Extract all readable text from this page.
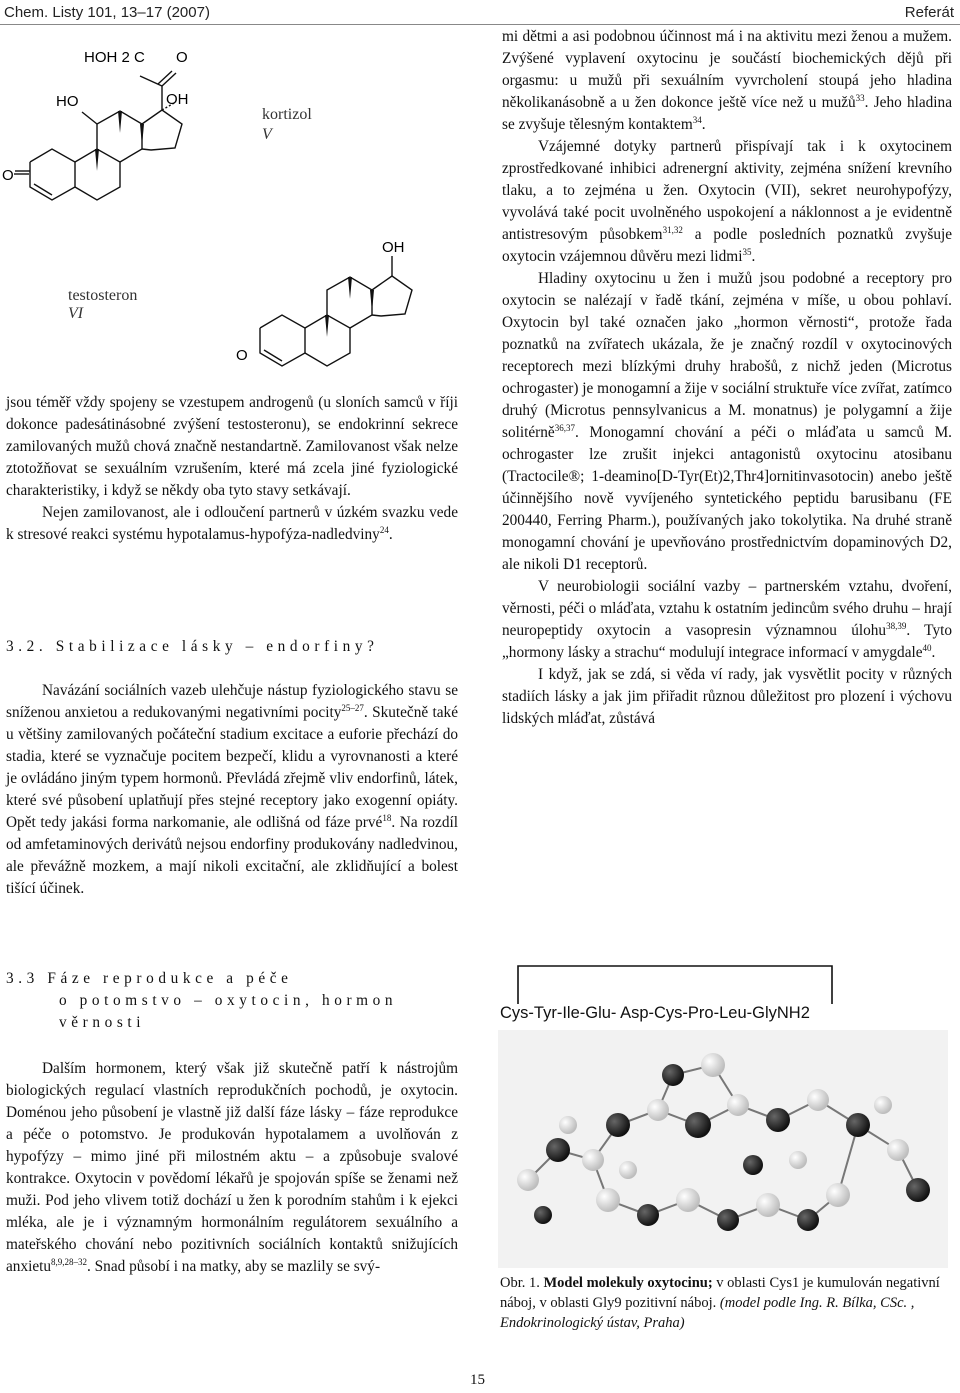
Chem. Listy 101, 13–17 (2007)	Referát
O
HO
HOH 2 C O
OH
O
OH
kortizol
V
testosteron
VI

jsou téměř vždy spojeny se vzestupem androgenů (u sloních samců v říji dokonce padesátinásobné zvýšení testosteronu), se endokrinní sekrece zamilovaných mužů chová značně nestandartně. Zamilovanost však nelze ztotožňovat se sexuálním vzrušením, které má zcela jiné fyziologické charakteristiky, i když se někdy oba tyto stavy setkávají.

Nejen zamilovanost, ale i odloučení partnerů v úzkém svazku vede k stresové reakci systému hypotalamus-hypofýza-nadledviny$^{24}$.

3.2. Stabilizace lásky – endorfiny?

Navázání sociálních vazeb ulehčuje nástup fyziologického stavu se sníženou anxietou a redukovanými negativními pocity$^{25-27}$. Skutečně také u většiny zamilovaných počáteční stadium excitace a euforie přechází do stadia, které se vyznačuje pocitem bezpečí, klidu a vyrovnanosti a které je ovládáno jiným typem hormonů. Převládá zřejmě vliv endorfinů, látek, které své působení uplatňují přes stejné receptory jako exogenní opiáty. Opět tedy jakási forma narkomanie, ale odlišná od fáze prvé$^{18}$. Na rozdíl od amfetaminových derivátů nejsou endorfiny produkovány nadledvinou, ale převážně mozkem, a mají nikoli excitační, ale zklidňující a bolest tišící účinek.

3.3 Fáze reprodukce a péče
o potomstvo – oxytocin, hormon
věrnosti

Dalším hormonem, který však již skutečně patří k nástrojům biologických regulací vlastních reprodukčních pochodů, je oxytocin. Doménou jeho působení je vlastně již další fáze lásky – fáze reprodukce a péče o potomstvo. Je produkován hypotalamem a uvolňován z hypofýzy – mimo jiné při milostném aktu – a způsobuje svalové kontrakce. Oxytocin v povědomí lékařů je spojován spíše se ženami než muži. Pod jeho vlivem totiž dochází u žen k porodním stahům i k ejekci mléka, ale je i významným hormonálním regulátorem sexuálního a mateřského chování nebo pozitivních sociálních kontaktů snižujících anxietu$^{8,9,28-32}$. Snad působí i na matky, aby se mazlily se svý-

mi dětmi a asi podobnou účinnost má i na aktivitu mezi ženou a mužem. Zvýšené vyplavení oxytocinu je součástí biochemických dějů při orgasmu: u mužů při sexuálním vyvrcholení stoupá jeho hladina několikanásobně a u žen dokonce ještě více než u mužů$^{33}$. Jeho hladina se zvyšuje tělesným kontaktem$^{34}$.

Vzájemné dotyky partnerů přispívají tak i k oxytocinem zprostředkované inhibici adrenergní aktivity, zejména snížení krevního tlaku, a to zejména u žen. Oxytocin (VII), sekret neurohypofýzy, vyvolává také pocit uvolněného uspokojení a náklonnost a je evidentně antistresovým působkem$^{31,32}$ a podle posledních poznatků zvyšuje oxytocin vzájemnou důvěru mezi lidmi$^{35}$.

Hladiny oxytocinu u žen i mužů jsou podobné a receptory pro oxytocin se nalézají v řadě tkání, zejména v míše, u obou pohlaví. Oxytocin byl také označen jako „hormon věrnosti“, protože řada poznatků na zvířatech ukázala, že je značný rozdíl v oxytocinových receptorech mezi blízkými druhy hrabošů, z nichž jeden (Microtus ochrogaster) je monogamní a žije v sociální struktuře více zvířat, zatímco druhý (Microtus pennsylvanicus a M. monatnus) je polygamní a žije solitérně$^{36,37}$. Monogamní chování a péči o mláďata u samců M. ochrogaster lze zrušit injekci antagonistů oxytocinu atosibanu (Tractocile®; 1-deamino[D-Tyr(Et)2,Thr4]ornitinvasotocin) anebo ještě účinnějšího nově vyvíjeného syntetického peptidu barusibanu (FE 200440, Ferring Pharm.), používaných jako tokolytika. Na druhé straně monogamní chování je upevňováno prostřednictvím dopaminových D2, ale nikoli D1 receptorů.

V neurobiologii sociální vazby – partnerském vztahu, dvoření, věrnosti, péči o mláďata, vztahu k ostatním jedincům svého druhu – hrají neuropeptidy oxytocin a vasopresin významnou úlohu$^{38,39}$. Tyto „hormony lásky a strachu“ modulují integrace informací v amygdale$^{40}$.

I když, jak se zdá, si věda ví rady, jak vysvětlit pocity v různých stadiích lásky a jak jim přiřadit různou důležitost pro plození i výchovu lidských mláďat, zůstává

Cys-Tyr-Ile-Glu- Asp-Cys-Pro-Leu-GlyNH2
Obr. 1. Model molekuly oxytocinu; v oblasti Cys1 je kumulován negativní náboj, v oblasti Gly9 pozitivní náboj. (model podle Ing. R. Bílka, CSc. , Endokrinologický ústav, Praha)
15
